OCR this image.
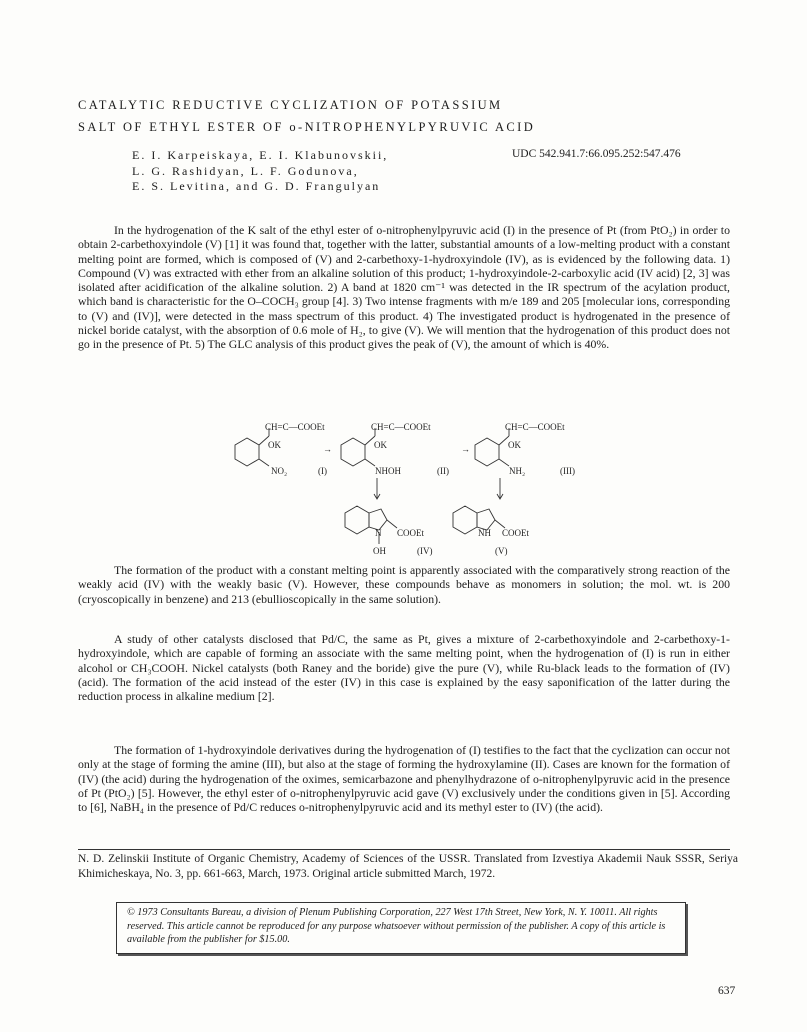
CATALYTIC REDUCTIVE CYCLIZATION OF POTASSIUM
SALT OF ETHYL ESTER OF o-NITROPHENYLPYRUVIC ACID
E. I. Karpeiskaya, E. I. Klabunovskii,
L. G. Rashidyan, L. F. Godunova,
E. S. Levitina, and G. D. Frangulyan
UDC 542.941.7:66.095.252:547.476

In the hydrogenation of the K salt of the ethyl ester of o-nitrophenylpyruvic acid (I) in the presence of Pt (from PtO₂) in order to obtain 2-carbethoxyindole (V) [1] it was found that, together with the latter, substantial amounts of a low-melting product with a constant melting point are formed, which is composed of (V) and 2-carbethoxy-1-hydroxyindole (IV), as is evidenced by the following data. 1) Compound (V) was extracted with ether from an alkaline solution of this product; 1-hydroxyindole-2-carboxylic acid (IV acid) [2, 3] was isolated after acidification of the alkaline solution. 2) A band at 1820 cm⁻¹ was detected in the IR spectrum of the acylation product, which band is characteristic for the O–COCH₃ group [4]. 3) Two intense fragments with m/e 189 and 205 [molecular ions, corresponding to (V) and (IV)], were detected in the mass spectrum of this product. 4) The investigated product is hydrogenated in the presence of nickel boride catalyst, with the absorption of 0.6 mole of H₂, to give (V). We will mention that the hydrogenation of this product does not go in the presence of Pt. 5) The GLC analysis of this product gives the peak of (V), the amount of which is 40%.

CH=C—COOEt
OK
NO₂	(I)
→
CH=C—COOEt
OK
NHOH	(II)
→
CH=C—COOEt
OK
NH₂	(III)
N COOEt
OH	(IV)
NH COOEt
(V)

The formation of the product with a constant melting point is apparently associated with the comparatively strong reaction of the weakly acid (IV) with the weakly basic (V). However, these compounds behave as monomers in solution; the mol. wt. is 200 (cryoscopically in benzene) and 213 (ebullioscopically in the same solution).

A study of other catalysts disclosed that Pd/C, the same as Pt, gives a mixture of 2-carbethoxyindole and 2-carbethoxy-1-hydroxyindole, which are capable of forming an associate with the same melting point, when the hydrogenation of (I) is run in either alcohol or CH₃COOH. Nickel catalysts (both Raney and the boride) give the pure (V), while Ru-black leads to the formation of (IV) (acid). The formation of the acid instead of the ester (IV) in this case is explained by the easy saponification of the latter during the reduction process in alkaline medium [2].

The formation of 1-hydroxyindole derivatives during the hydrogenation of (I) testifies to the fact that the cyclization can occur not only at the stage of forming the amine (III), but also at the stage of forming the hydroxylamine (II). Cases are known for the formation of (IV) (the acid) during the hydrogenation of the oximes, semicarbazone and phenylhydrazone of o-nitrophenylpyruvic acid in the presence of Pt (PtO₂) [5]. However, the ethyl ester of o-nitrophenylpyruvic acid gave (V) exclusively under the conditions given in [5]. According to [6], NaBH₄ in the presence of Pd/C reduces o-nitrophenylpyruvic acid and its methyl ester to (IV) (the acid).

N. D. Zelinskii Institute of Organic Chemistry, Academy of Sciences of the USSR. Translated from Izvestiya Akademii Nauk SSSR, Seriya Khimicheskaya, No. 3, pp. 661-663, March, 1973. Original article submitted March, 1972.

© 1973 Consultants Bureau, a division of Plenum Publishing Corporation, 227 West 17th Street, New York, N. Y. 10011. All rights reserved. This article cannot be reproduced for any purpose whatsoever without permission of the publisher. A copy of this article is available from the publisher for $15.00.

637
